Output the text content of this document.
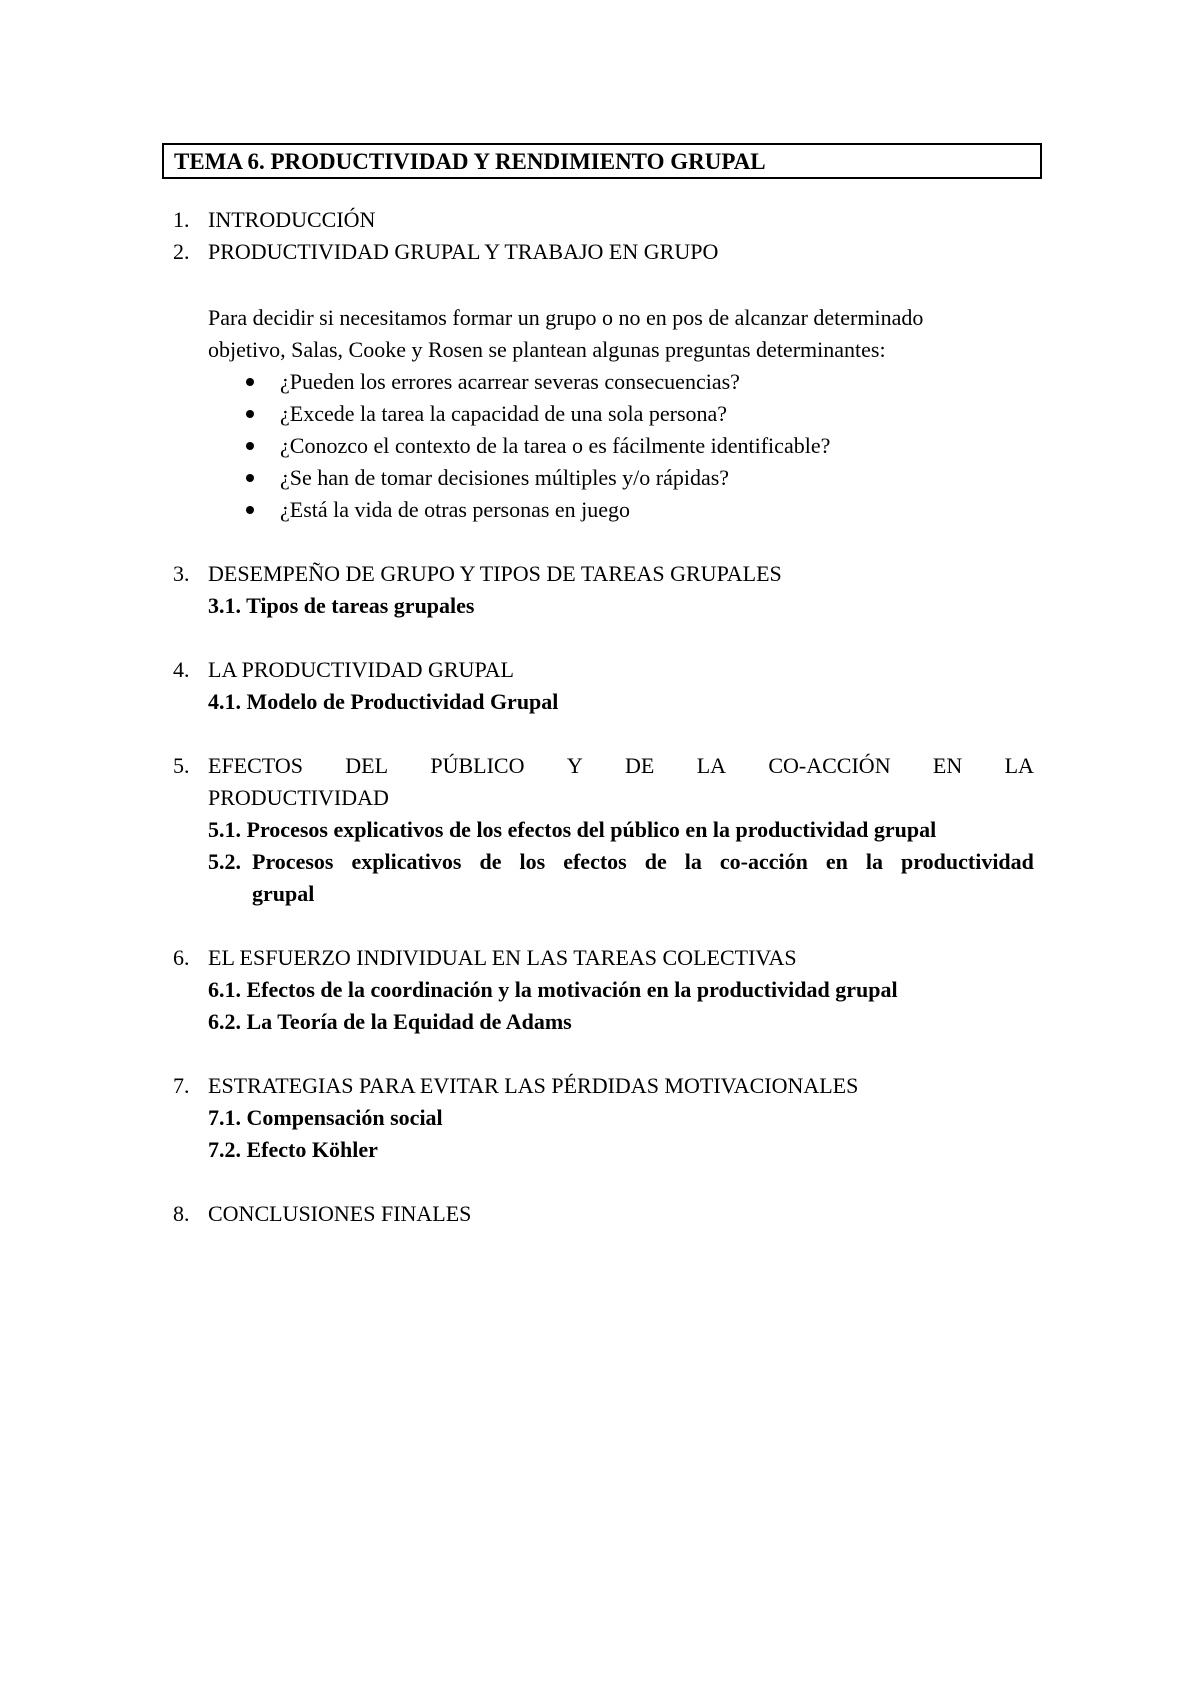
TEMA 6. PRODUCTIVIDAD Y RENDIMIENTO GRUPAL
1. INTRODUCCIÓN
2. PRODUCTIVIDAD GRUPAL Y TRABAJO EN GRUPO
Para decidir si necesitamos formar un grupo o no en pos de alcanzar determinado
objetivo, Salas, Cooke y Rosen se plantean algunas preguntas determinantes:
¿Pueden los errores acarrear severas consecuencias?
¿Excede la tarea la capacidad de una sola persona?
¿Conozco el contexto de la tarea o es fácilmente identificable?
¿Se han de tomar decisiones múltiples y/o rápidas?
¿Está la vida de otras personas en juego
3. DESEMPEÑO DE GRUPO Y TIPOS DE TAREAS GRUPALES
3.1. Tipos de tareas grupales
4. LA PRODUCTIVIDAD GRUPAL
4.1. Modelo de Productividad Grupal
5. EFECTOS DEL PÚBLICO Y DE LA CO-ACCIÓN EN LA
PRODUCTIVIDAD
5.1. Procesos explicativos de los efectos del público en la productividad grupal
5.2. Procesos explicativos de los efectos de la co-acción en la productividad
grupal
6. EL ESFUERZO INDIVIDUAL EN LAS TAREAS COLECTIVAS
6.1. Efectos de la coordinación y la motivación en la productividad grupal
6.2. La Teoría de la Equidad de Adams
7. ESTRATEGIAS PARA EVITAR LAS PÉRDIDAS MOTIVACIONALES
7.1. Compensación social
7.2. Efecto Köhler
8. CONCLUSIONES FINALES
